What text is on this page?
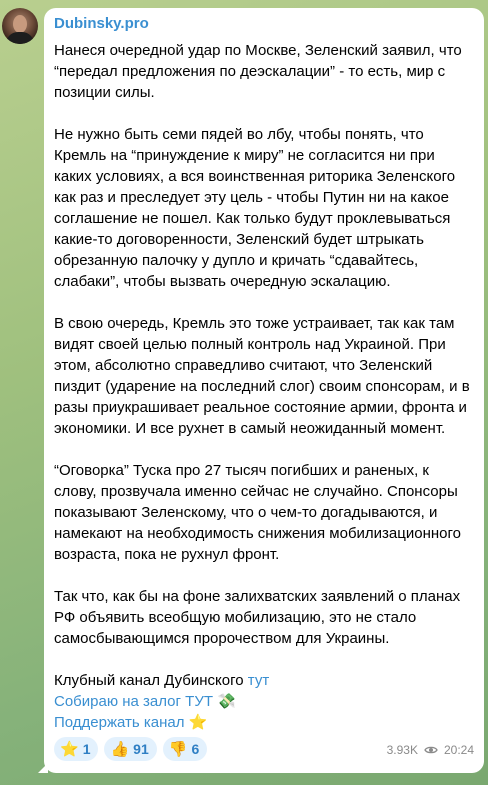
Dubinsky.pro
Нанеся очередной удар по Москве, Зеленский заявил, что “передал предложения по деэскалации” - то есть, мир с позиции силы.
Не нужно быть семи пядей во лбу, чтобы понять, что Кремль на “принуждение к миру” не согласится ни при каких условиях, а вся воинственная риторика Зеленского как раз и преследует эту цель - чтобы Путин ни на какое соглашение не пошел. Как только будут проклевываться какие-то договоренности, Зеленский будет штрыкать обрезанную палочку у дупло и кричать “сдавайтесь, слабаки”, чтобы вызвать очередную эскалацию.
В свою очередь, Кремль это тоже устраивает, так как там видят своей целью полный контроль над Украиной. При этом, абсолютно справедливо считают, что Зеленский пиздит (ударение на последний слог) своим спонсорам, и в разы приукрашивает реальное состояние армии, фронта и экономики. И все рухнет в самый неожиданный момент.
“Оговорка” Туска про 27 тысяч погибших и раненых, к слову, прозвучала именно сейчас не случайно. Спонсоры показывают Зеленскому, что о чем-то догадываются, и намекают на необходимость снижения мобилизационного возраста, пока не рухнул фронт.
Так что, как бы на фоне залихватских заявлений о планах РФ объявить всеобщую мобилизацию, это не стало самосбывающимся пророчеством для Украины.
Клубный канал Дубинского тут
Собираю на залог ТУТ 💸
Поддержать канал ⭐
⭐ 1 👍 91 👎 6	3.93K 20:24
